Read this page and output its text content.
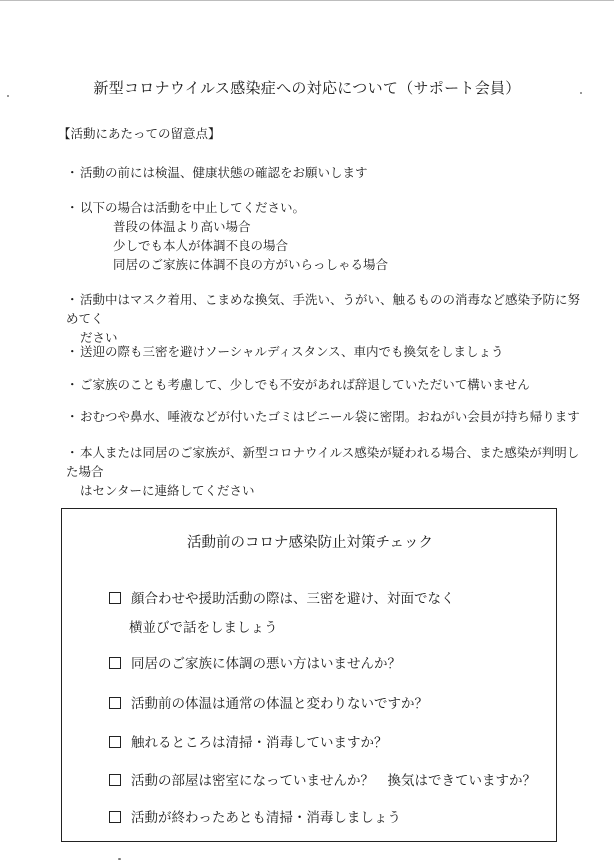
新型コロナウイルス感染症への対応について（サポート会員）
【活動にあたっての留意点】
・活動の前には検温、健康状態の確認をお願いします
・以下の場合は活動を中止してください。
普段の体温より高い場合
少しでも本人が体調不良の場合
同居のご家族に体調不良の方がいらっしゃる場合
・活動中はマスク着用、こまめな換気、手洗い、うがい、触るものの消毒など感染予防に努めてく
ださい
・送迎の際も三密を避けソーシャルディスタンス、車内でも換気をしましょう
・ご家族のことも考慮して、少しでも不安があれば辞退していただいて構いません
・おむつや鼻水、唾液などが付いたゴミはビニール袋に密閉。おねがい会員が持ち帰ります
・本人または同居のご家族が、新型コロナウイルス感染が疑われる場合、また感染が判明した場合
はセンターに連絡してください
活動前のコロナ感染防止対策チェック
顔合わせや援助活動の際は、三密を避け、対面でなく
横並びで話をしましょう
同居のご家族に体調の悪い方はいませんか？
活動前の体温は通常の体温と変わりないですか？
触れるところは清掃・消毒していますか？
活動の部屋は密室になっていませんか？　換気はできていますか？
活動が終わったあとも清掃・消毒しましょう
